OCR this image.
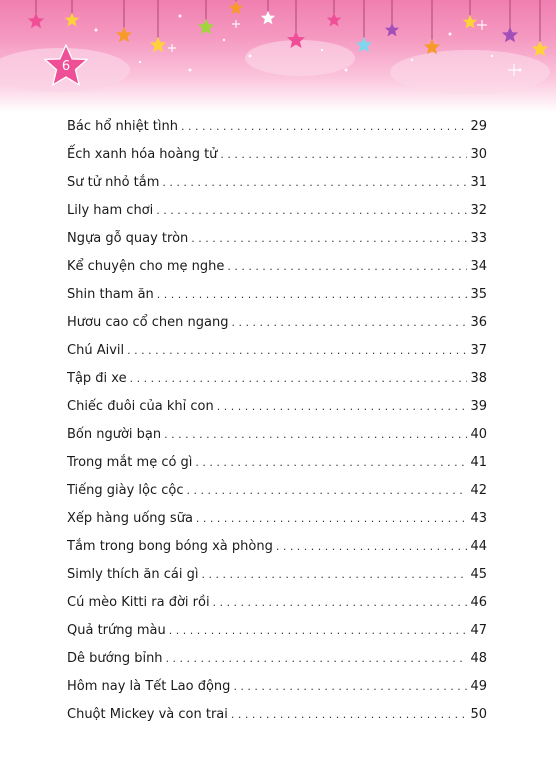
6
Bác hổ nhiệt tình . . .	29
Ếch xanh hóa hoàng tử . . .	30
Sư tử nhỏ tắm . . .	31
Lily ham chơi . . .	32
Ngựa gỗ quay tròn . . .	33
Kể chuyện cho mẹ nghe . . .	34
Shin tham ăn . . .	35
Hươu cao cổ chen ngang . . .	36
Chú Aivil . . .	37
Tập đi xe . . .	38
Chiếc đuôi của khỉ con . . .	39
Bốn người bạn . . .	40
Trong mắt mẹ có gì . . .	41
Tiếng giày lộc cộc . . .	42
Xếp hàng uống sữa . . .	43
Tắm trong bong bóng xà phòng . . .	44
Simly thích ăn cái gì . . .	45
Cú mèo Kitti ra đời rồi . . .	46
Quả trứng màu . . .	47
Dê bướng bỉnh . . .	48
Hôm nay là Tết Lao động . . .	49
Chuột Mickey và con trai . . .	50
